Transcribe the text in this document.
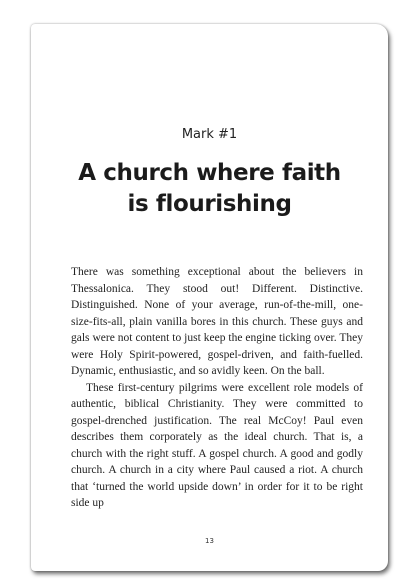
Mark #1
A church where faith
is flourishing

There was something exceptional about the believers in Thessalonica. They stood out! Different. Distinctive. Distinguished. None of your average, run-of-the-mill, one-size-fits-all, plain vanilla bores in this church. These guys and gals were not content to just keep the engine ticking over. They were Holy Spirit-powered, gospel-driven, and faith-fuelled. Dynamic, enthusiastic, and so avidly keen. On the ball.

These first-century pilgrims were excellent role models of authentic, biblical Christianity. They were committed to gospel-drenched justification. The real McCoy! Paul even describes them corporately as the ideal church. That is, a church with the right stuff. A gospel church. A good and godly church. A church in a city where Paul caused a riot. A church that ‘turned the world upside down’ in order for it to be right side up

13
